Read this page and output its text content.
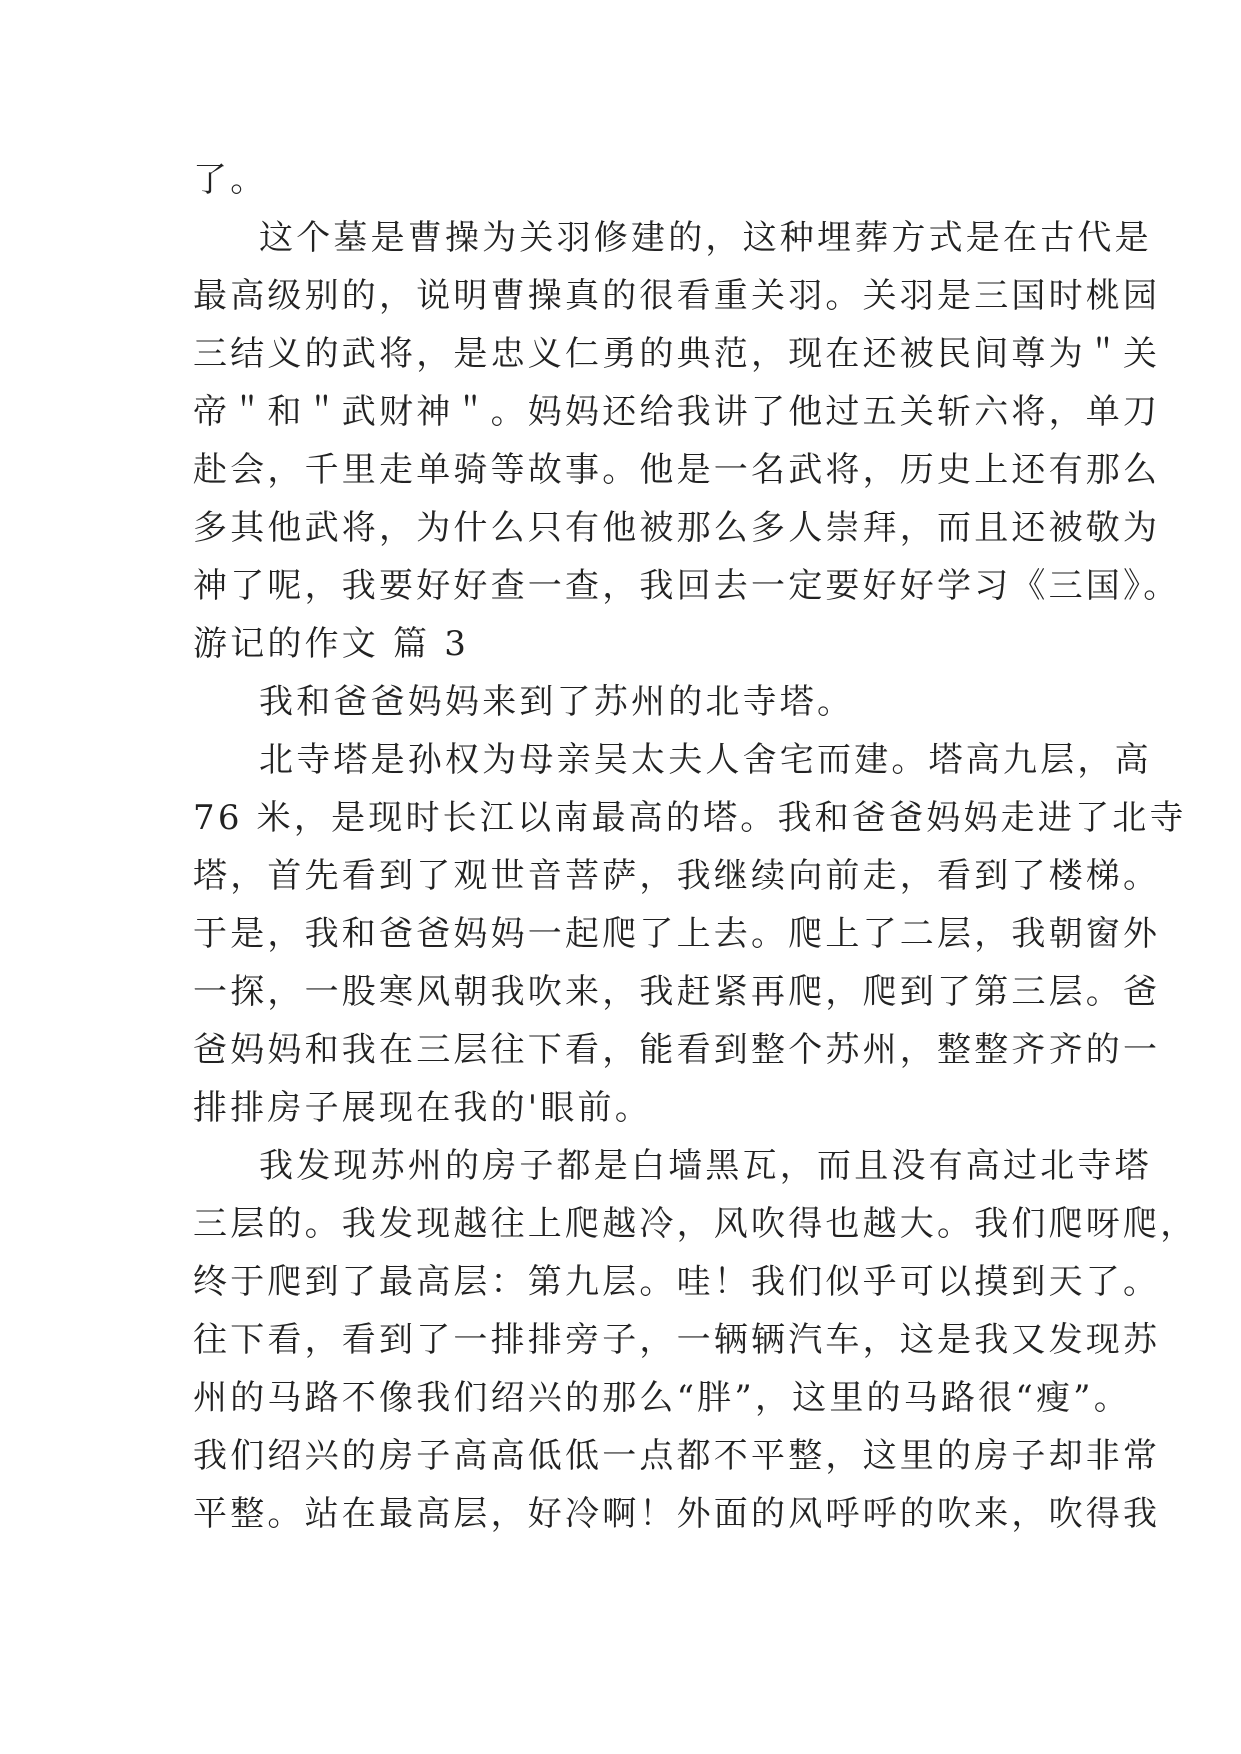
了。
这个墓是曹操为关羽修建的，这种埋葬方式是在古代是
最高级别的，说明曹操真的很看重关羽。关羽是三国时桃园
三结义的武将，是忠义仁勇的典范，现在还被民间尊为＂关
帝＂和＂武财神＂。妈妈还给我讲了他过五关斩六将，单刀
赴会，千里走单骑等故事。他是一名武将，历史上还有那么
多其他武将，为什么只有他被那么多人崇拜，而且还被敬为
神了呢，我要好好查一查，我回去一定要好好学习《三国》。
游记的作文 篇 3
我和爸爸妈妈来到了苏州的北寺塔。
北寺塔是孙权为母亲吴太夫人舍宅而建。塔高九层，高
76 米，是现时长江以南最高的塔。我和爸爸妈妈走进了北寺
塔，首先看到了观世音菩萨，我继续向前走，看到了楼梯。
于是，我和爸爸妈妈一起爬了上去。爬上了二层，我朝窗外
一探，一股寒风朝我吹来，我赶紧再爬，爬到了第三层。爸
爸妈妈和我在三层往下看，能看到整个苏州，整整齐齐的一
排排房子展现在我的'眼前。
我发现苏州的房子都是白墙黑瓦，而且没有高过北寺塔
三层的。我发现越往上爬越冷，风吹得也越大。我们爬呀爬，
终于爬到了最高层：第九层。哇！我们似乎可以摸到天了。
往下看，看到了一排排旁子，一辆辆汽车，这是我又发现苏
州的马路不像我们绍兴的那么“胖”，这里的马路很“瘦”。
我们绍兴的房子高高低低一点都不平整，这里的房子却非常
平整。站在最高层，好冷啊！外面的风呼呼的吹来，吹得我
